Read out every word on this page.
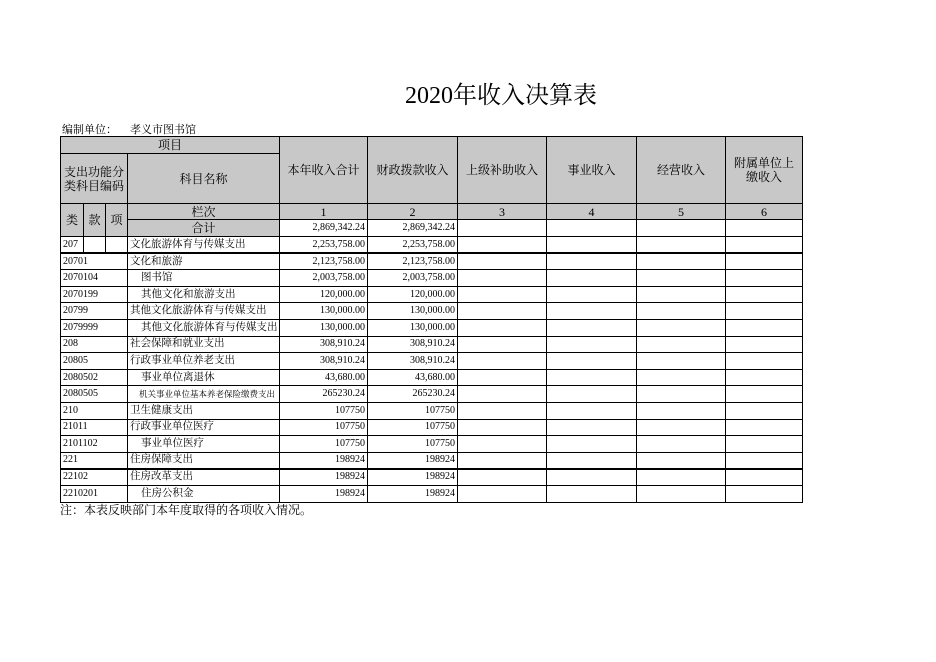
2020年收入决算表
编制单位： 孝义市图书馆
项目				本年收入合计	财政拨款收入	上级补助收入	事业收入	经营收入	附属单位上
缴收入
支出功能分
类科目编码			科目名称						
类	款	项	栏次	1	2	3	4	5	6
			合计	2,869,342.24	2,869,342.24				
207			文化旅游体育与传媒支出	2,253,758.00	2,253,758.00				
20701			文化和旅游	2,123,758.00	2,123,758.00				
2070104			图书馆	2,003,758.00	2,003,758.00				
2070199			其他文化和旅游支出	120,000.00	120,000.00				
20799			其他文化旅游体育与传媒支出	130,000.00	130,000.00				
2079999			其他文化旅游体育与传媒支出	130,000.00	130,000.00				
208			社会保障和就业支出	308,910.24	308,910.24				
20805			行政事业单位养老支出	308,910.24	308,910.24				
2080502			事业单位离退休	43,680.00	43,680.00				
2080505			机关事业单位基本养老保险缴费支出	265230.24	265230.24				
210			卫生健康支出	107750	107750				
21011			行政事业单位医疗	107750	107750				
2101102			事业单位医疗	107750	107750				
221			住房保障支出	198924	198924				
22102			住房改革支出	198924	198924				
2210201			住房公积金	198924	198924				
注：本表反映部门本年度取得的各项收入情况。
